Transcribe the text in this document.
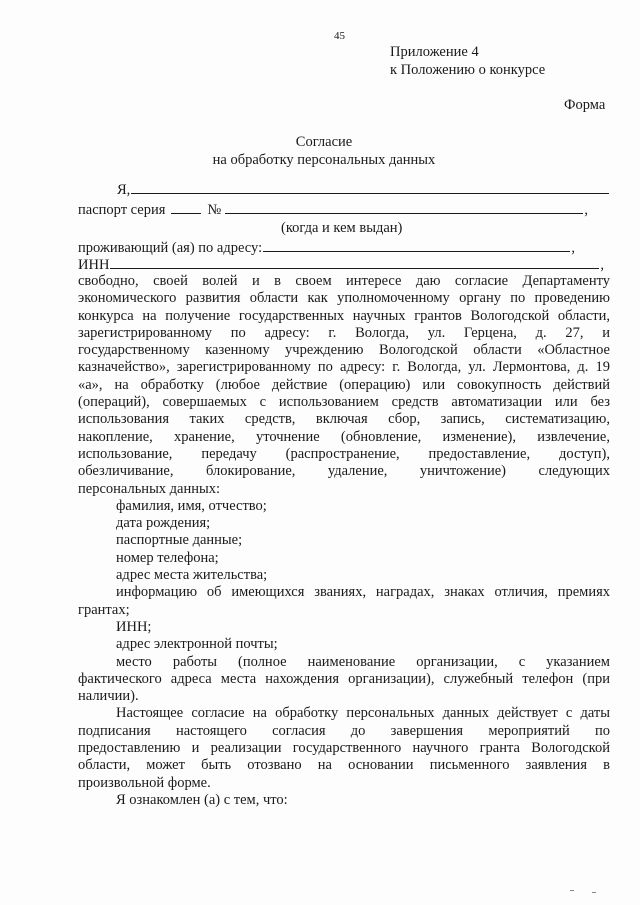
45
Приложение 4
к Положению о конкурсе
Форма
Согласие
на обработку персональных данных
Я,
паспорт серия	№	,
(когда и кем выдан)
проживающий (ая) по адресу:	,
ИНН	,
свободно, своей волей и в своем интересе даю согласие Департаменту
экономического развития области как уполномоченному органу по проведению
конкурса на получение государственных научных грантов Вологодской области,
зарегистрированному по адресу: г. Вологда, ул. Герцена, д. 27, и
государственному казенному учреждению Вологодской области «Областное
казначейство», зарегистрированному по адресу: г. Вологда, ул. Лермонтова, д. 19
«а», на обработку (любое действие (операцию) или совокупность действий
(операций), совершаемых с использованием средств автоматизации или без
использования таких средств, включая сбор, запись, систематизацию,
накопление, хранение, уточнение (обновление, изменение), извлечение,
использование, передачу (распространение, предоставление, доступ),
обезличивание, блокирование, удаление, уничтожение) следующих
персональных данных:
фамилия, имя, отчество;
дата рождения;
паспортные данные;
номер телефона;
адрес места жительства;
информацию об имеющихся званиях, наградах, знаках отличия, премиях
грантах;
ИНН;
адрес электронной почты;
место работы (полное наименование организации, с указанием
фактического адреса места нахождения организации), служебный телефон (при
наличии).
Настоящее согласие на обработку персональных данных действует с даты
подписания настоящего согласия до завершения мероприятий по
предоставлению и реализации государственного научного гранта Вологодской
области, может быть отозвано на основании письменного заявления в
произвольной форме.
Я ознакомлен (а) с тем, что:
